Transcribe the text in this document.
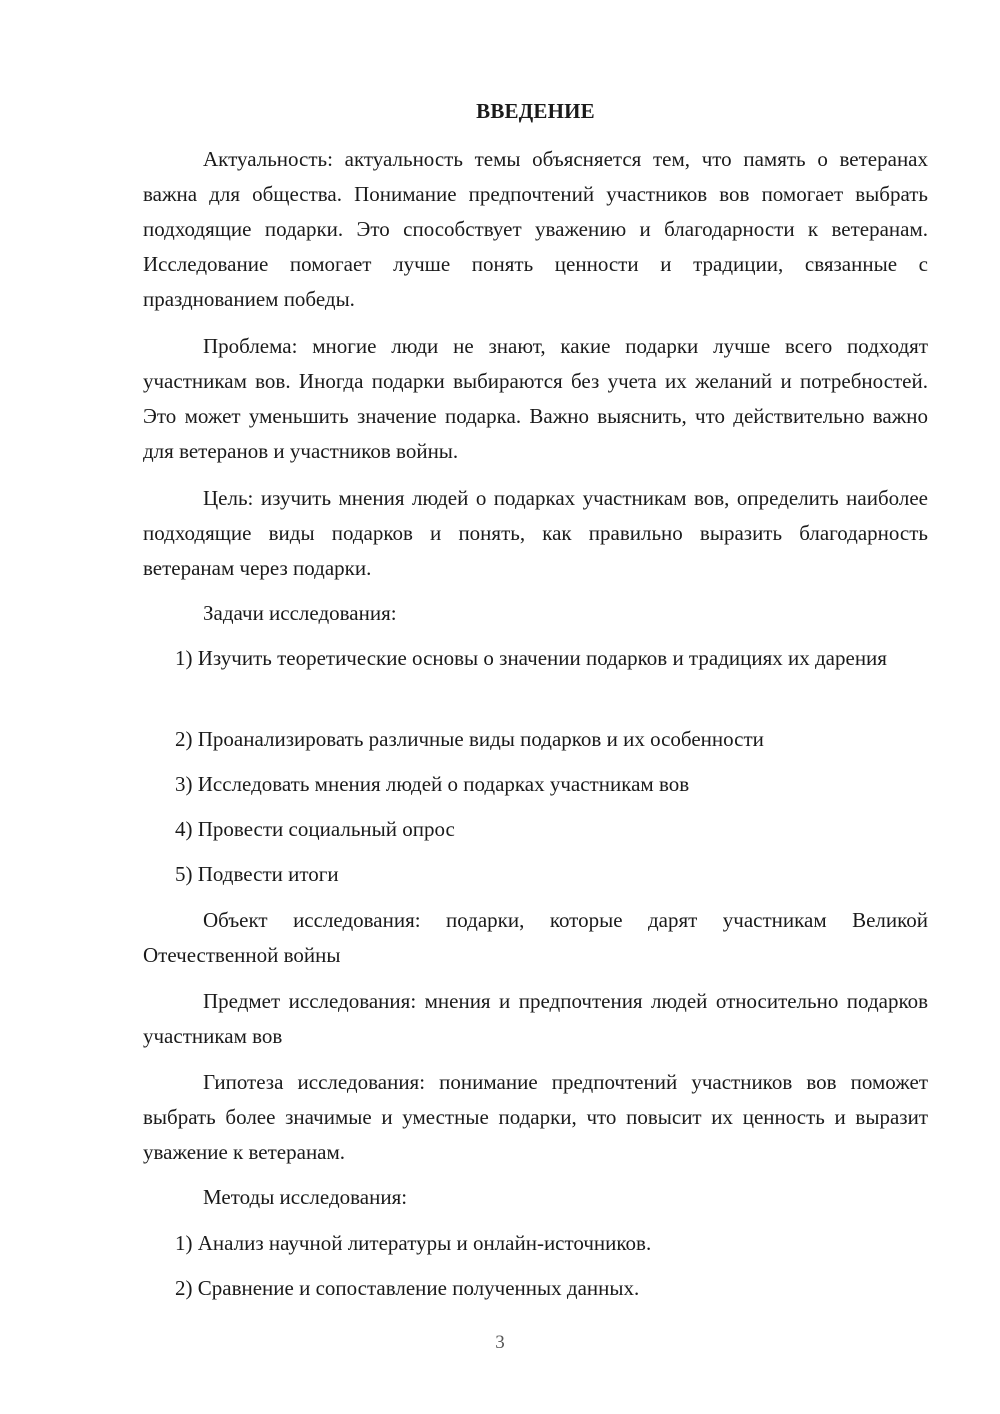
ВВЕДЕНИЕ

Актуальность: актуальность темы объясняется тем, что память о ветеранах важна для общества. Понимание предпочтений участников вов помогает выбрать подходящие подарки. Это способствует уважению и благодарности к ветеранам. Исследование помогает лучше понять ценности и традиции, связанные с празднованием победы.

Проблема: многие люди не знают, какие подарки лучше всего подходят участникам вов. Иногда подарки выбираются без учета их желаний и потребностей. Это может уменьшить значение подарка. Важно выяснить, что действительно важно для ветеранов и участников войны.

Цель: изучить мнения людей о подарках участникам вов, определить наиболее подходящие виды подарков и понять, как правильно выразить благодарность ветеранам через подарки.

Задачи исследования:

1) Изучить теоретические основы о значении подарков и традициях их дарения

2) Проанализировать различные виды подарков и их особенности

3) Исследовать мнения людей о подарках участникам вов

4) Провести социальный опрос

5) Подвести итоги

Объект исследования: подарки, которые дарят участникам Великой Отечественной войны

Предмет исследования: мнения и предпочтения людей относительно подарков участникам вов

Гипотеза исследования: понимание предпочтений участников вов поможет выбрать более значимые и уместные подарки, что повысит их ценность и выразит уважение к ветеранам.

Методы исследования:

1) Анализ научной литературы и онлайн-источников.

2) Сравнение и сопоставление полученных данных.

3
